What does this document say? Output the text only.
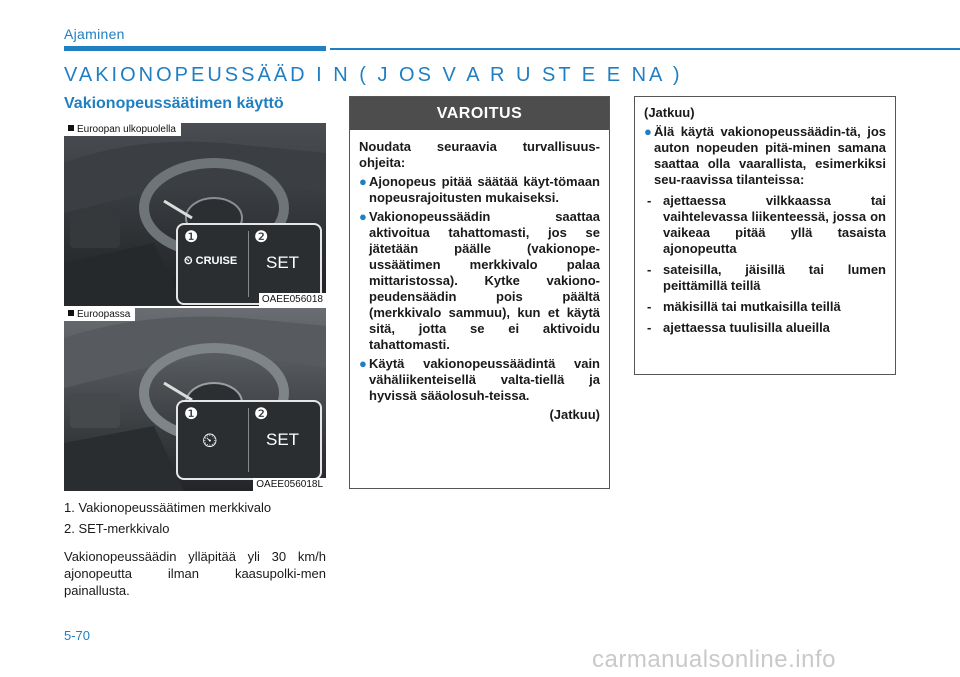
Ajaminen
VAKIONOPEUSSÄÄD I N ( J OS V A R U ST E E NA )
Vakionopeussäätimen käyttö
Euroopan ulkopuolella
❶	❷
⏲ CRUISE SET
OAEE056018
Euroopassa
❶	❷
⏲	SET
OAEE056018L
1. Vakionopeussäätimen merkkivalo
2. SET-merkkivalo
Vakionopeussäädin ylläpitää yli 30 km/h ajonopeutta ilman kaasupolki-men painallusta.
5-70
VAROITUS

Noudata seuraavia turvallisuus-ohjeita:

● Ajonopeus pitää säätää käyt-tömaan nopeusrajoitusten mukaiseksi.
● Vakionopeussäädin saattaa aktivoitua tahattomasti, jos se jätetään päälle (vakionope-ussäätimen merkkivalo palaa mittaristossa). Kytke vakiono-peudensäädin pois päältä (merkkivalo sammuu), kun et käytä sitä, jotta se ei aktivoidu tahattomasti.
● Käytä vakionopeussäädintä vain vähäliikenteisellä valta-tiellä ja hyvissä sääolosuh-teissa.
(Jatkuu)
(Jatkuu)
● Älä käytä vakionopeussäädin-tä, jos auton nopeuden pitä-minen samana saattaa olla vaarallista, esimerkiksi seu-raavissa tilanteissa:
- ajettaessa vilkkaassa tai vaihtelevassa liikenteessä, jossa on vaikeaa pitää yllä tasaista ajonopeutta
- sateisilla, jäisillä tai lumen peittämillä teillä
- mäkisillä tai mutkaisilla teillä
- ajettaessa tuulisilla alueilla
carmanualsonline.info
